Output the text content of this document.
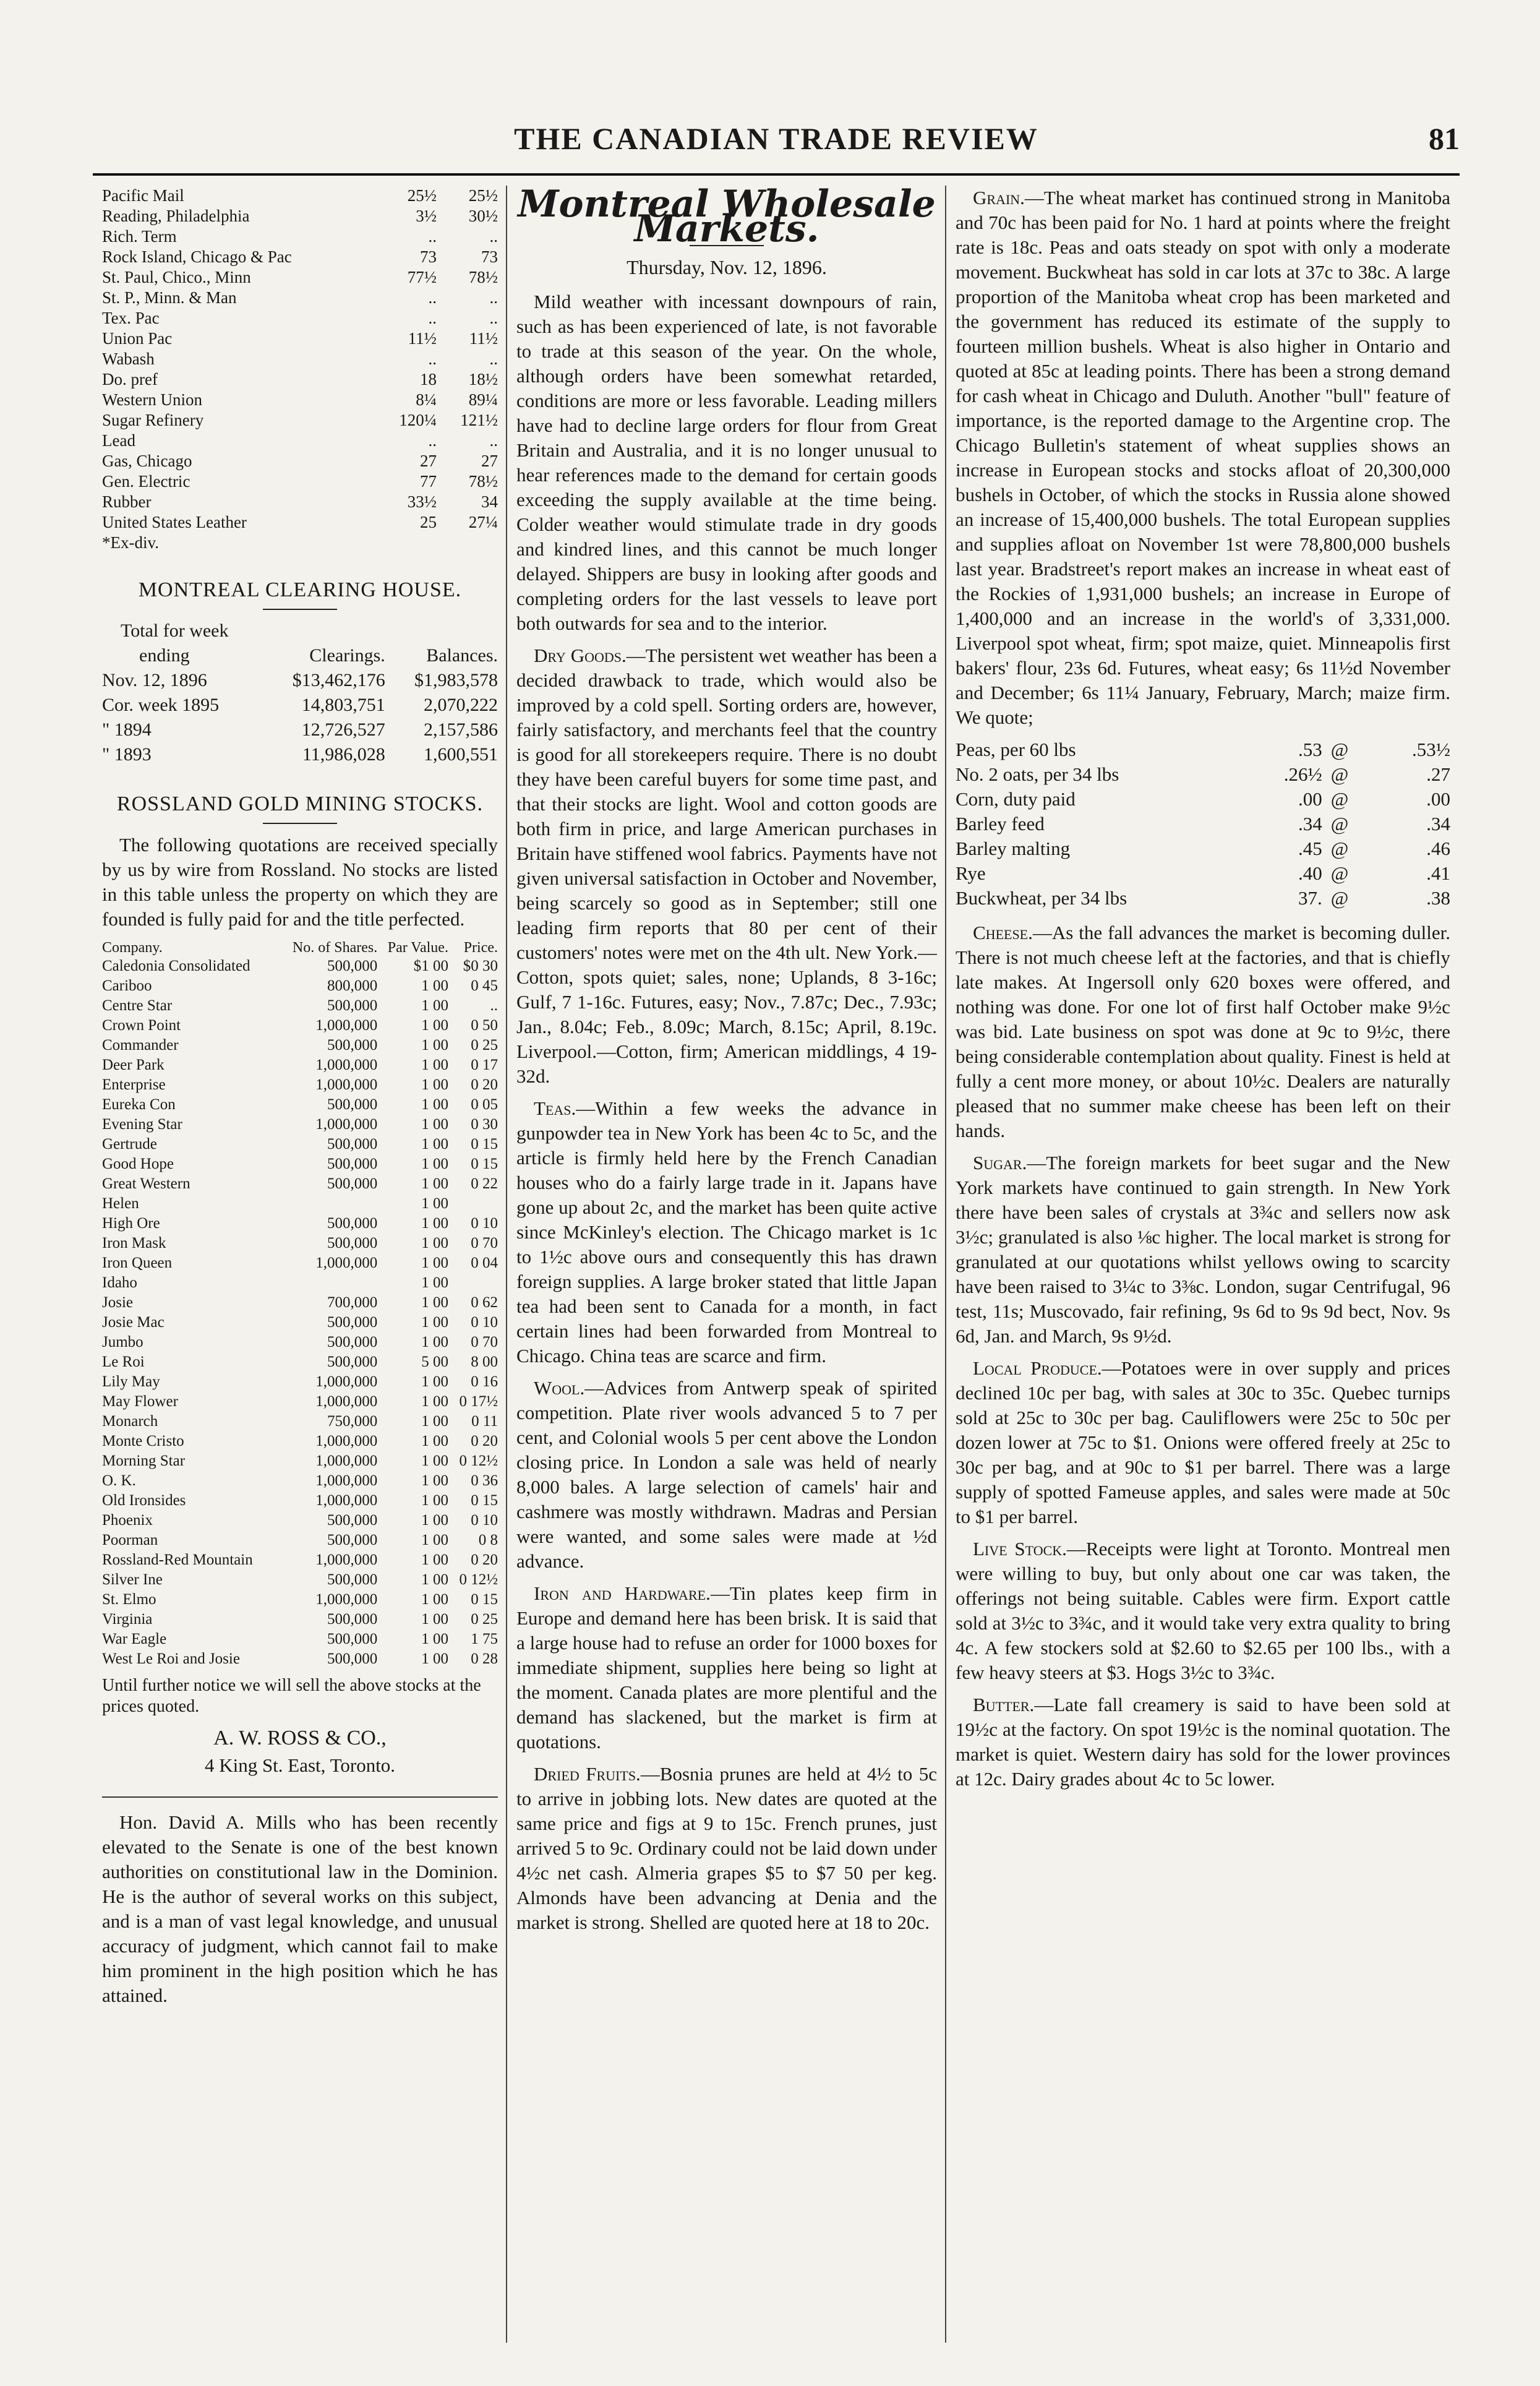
THE CANADIAN TRADE REVIEW	81
Pacific Mail	25½	25½
Reading, Philadelphia	3½	30½
Rich. Term	..	..
Rock Island, Chicago & Pac	73	73
St. Paul, Chico., Minn	77½	78½
St. P., Minn. & Man	..	..
Tex. Pac	..	..
Union Pac	11½	11½
Wabash	..	..
Do. pref	18	18½
Western Union	8¼	89¼
Sugar Refinery	120¼	121½
Lead	..	..
Gas, Chicago	27	27
Gen. Electric	77	78½
Rubber	33½	34
United States Leather	25	27¼
*Ex-div.		
MONTREAL CLEARING HOUSE.
Total for week		
ending	Clearings.	Balances.
Nov. 12, 1896	$13,462,176	$1,983,578
Cor. week 1895	14,803,751	2,070,222
" 1894	12,726,527	2,157,586
" 1893	11,986,028	1,600,551
ROSSLAND GOLD MINING STOCKS.

The following quotations are received specially by us by wire from Rossland. No stocks are listed in this table unless the property on which they are founded is fully paid for and the title perfected.

Company.	No. of Shares.	Par Value.	Price.
Caledonia Consolidated	500,000	$1 00	$0 30
Cariboo	800,000	1 00	0 45
Centre Star	500,000	1 00	..
Crown Point	1,000,000	1 00	0 50
Commander	500,000	1 00	0 25
Deer Park	1,000,000	1 00	0 17
Enterprise	1,000,000	1 00	0 20
Eureka Con	500,000	1 00	0 05
Evening Star	1,000,000	1 00	0 30
Gertrude	500,000	1 00	0 15
Good Hope	500,000	1 00	0 15
Great Western	500,000	1 00	0 22
Helen		1 00	
High Ore	500,000	1 00	0 10
Iron Mask	500,000	1 00	0 70
Iron Queen	1,000,000	1 00	0 04
Idaho		1 00	
Josie	700,000	1 00	0 62
Josie Mac	500,000	1 00	0 10
Jumbo	500,000	1 00	0 70
Le Roi	500,000	5 00	8 00
Lily May	1,000,000	1 00	0 16
May Flower	1,000,000	1 00	0 17½
Monarch	750,000	1 00	0 11
Monte Cristo	1,000,000	1 00	0 20
Morning Star	1,000,000	1 00	0 12½
O. K.	1,000,000	1 00	0 36
Old Ironsides	1,000,000	1 00	0 15
Phoenix	500,000	1 00	0 10
Poorman	500,000	1 00	0 8
Rossland-Red Mountain	1,000,000	1 00	0 20
Silver Ine	500,000	1 00	0 12½
St. Elmo	1,000,000	1 00	0 15
Virginia	500,000	1 00	0 25
War Eagle	500,000	1 00	1 75
West Le Roi and Josie	500,000	1 00	0 28
Until further notice we will sell the above stocks at the prices quoted.
A. W. ROSS & CO.,
4 King St. East, Toronto.

Hon. David A. Mills who has been recently elevated to the Senate is one of the best known authorities on constitutional law in the Dominion. He is the author of several works on this subject, and is a man of vast legal knowledge, and unusual accuracy of judgment, which cannot fail to make him prominent in the high position which he has attained.

Montreal Wholesale Markets.
Thursday, Nov. 12, 1896.

Mild weather with incessant downpours of rain, such as has been experienced of late, is not favorable to trade at this season of the year. On the whole, although orders have been somewhat retarded, conditions are more or less favorable. Leading millers have had to decline large orders for flour from Great Britain and Australia, and it is no longer unusual to hear references made to the demand for certain goods exceeding the supply available at the time being. Colder weather would stimulate trade in dry goods and kindred lines, and this cannot be much longer delayed. Shippers are busy in looking after goods and completing orders for the last vessels to leave port both outwards for sea and to the interior.

Dry Goods.—The persistent wet weather has been a decided drawback to trade, which would also be improved by a cold spell. Sorting orders are, however, fairly satisfactory, and merchants feel that the country is good for all storekeepers require. There is no doubt they have been careful buyers for some time past, and that their stocks are light. Wool and cotton goods are both firm in price, and large American purchases in Britain have stiffened wool fabrics. Payments have not given universal satisfaction in October and November, being scarcely so good as in September; still one leading firm reports that 80 per cent of their customers' notes were met on the 4th ult. New York.—Cotton, spots quiet; sales, none; Uplands, 8 3-16c; Gulf, 7 1-16c. Futures, easy; Nov., 7.87c; Dec., 7.93c; Jan., 8.04c; Feb., 8.09c; March, 8.15c; April, 8.19c. Liverpool.—Cotton, firm; American middlings, 4 19-32d.

Teas.—Within a few weeks the advance in gunpowder tea in New York has been 4c to 5c, and the article is firmly held here by the French Canadian houses who do a fairly large trade in it. Japans have gone up about 2c, and the market has been quite active since McKinley's election. The Chicago market is 1c to 1½c above ours and consequently this has drawn foreign supplies. A large broker stated that little Japan tea had been sent to Canada for a month, in fact certain lines had been forwarded from Montreal to Chicago. China teas are scarce and firm.

Wool.—Advices from Antwerp speak of spirited competition. Plate river wools advanced 5 to 7 per cent, and Colonial wools 5 per cent above the London closing price. In London a sale was held of nearly 8,000 bales. A large selection of camels' hair and cashmere was mostly withdrawn. Madras and Persian were wanted, and some sales were made at ½d advance.

Iron and Hardware.—Tin plates keep firm in Europe and demand here has been brisk. It is said that a large house had to refuse an order for 1000 boxes for immediate shipment, supplies here being so light at the moment. Canada plates are more plentiful and the demand has slackened, but the market is firm at quotations.

Dried Fruits.—Bosnia prunes are held at 4½ to 5c to arrive in jobbing lots. New dates are quoted at the same price and figs at 9 to 15c. French prunes, just arrived 5 to 9c. Ordinary could not be laid down under 4½c net cash. Almeria grapes $5 to $7 50 per keg. Almonds have been advancing at Denia and the market is strong. Shelled are quoted here at 18 to 20c.

Grain.—The wheat market has continued strong in Manitoba and 70c has been paid for No. 1 hard at points where the freight rate is 18c. Peas and oats steady on spot with only a moderate movement. Buckwheat has sold in car lots at 37c to 38c. A large proportion of the Manitoba wheat crop has been marketed and the government has reduced its estimate of the supply to fourteen million bushels. Wheat is also higher in Ontario and quoted at 85c at leading points. There has been a strong demand for cash wheat in Chicago and Duluth. Another "bull" feature of importance, is the reported damage to the Argentine crop. The Chicago Bulletin's statement of wheat supplies shows an increase in European stocks and stocks afloat of 20,300,000 bushels in October, of which the stocks in Russia alone showed an increase of 15,400,000 bushels. The total European supplies and supplies afloat on November 1st were 78,800,000 bushels last year. Bradstreet's report makes an increase in wheat east of the Rockies of 1,931,000 bushels; an increase in Europe of 1,400,000 and an increase in the world's of 3,331,000. Liverpool spot wheat, firm; spot maize, quiet. Minneapolis first bakers' flour, 23s 6d. Futures, wheat easy; 6s 11½d November and December; 6s 11¼ January, February, March; maize firm. We quote;

Peas, per 60 lbs	.53	@	.53½
No. 2 oats, per 34 lbs	.26½	@	.27
Corn, duty paid	.00	@	.00
Barley feed	.34	@	.34
Barley malting	.45	@	.46
Rye	.40	@	.41
Buckwheat, per 34 lbs	37.	@	.38

Cheese.—As the fall advances the market is becoming duller. There is not much cheese left at the factories, and that is chiefly late makes. At Ingersoll only 620 boxes were offered, and nothing was done. For one lot of first half October make 9½c was bid. Late business on spot was done at 9c to 9½c, there being considerable contemplation about quality. Finest is held at fully a cent more money, or about 10½c. Dealers are naturally pleased that no summer make cheese has been left on their hands.

Sugar.—The foreign markets for beet sugar and the New York markets have continued to gain strength. In New York there have been sales of crystals at 3¾c and sellers now ask 3½c; granulated is also ⅛c higher. The local market is strong for granulated at our quotations whilst yellows owing to scarcity have been raised to 3¼c to 3⅜c. London, sugar Centrifugal, 96 test, 11s; Muscovado, fair refining, 9s 6d to 9s 9d bect, Nov. 9s 6d, Jan. and March, 9s 9½d.

Local Produce.—Potatoes were in over supply and prices declined 10c per bag, with sales at 30c to 35c. Quebec turnips sold at 25c to 30c per bag. Cauliflowers were 25c to 50c per dozen lower at 75c to $1. Onions were offered freely at 25c to 30c per bag, and at 90c to $1 per barrel. There was a large supply of spotted Fameuse apples, and sales were made at 50c to $1 per barrel.

Live Stock.—Receipts were light at Toronto. Montreal men were willing to buy, but only about one car was taken, the offerings not being suitable. Cables were firm. Export cattle sold at 3½c to 3¾c, and it would take very extra quality to bring 4c. A few stockers sold at $2.60 to $2.65 per 100 lbs., with a few heavy steers at $3. Hogs 3½c to 3¾c.

Butter.—Late fall creamery is said to have been sold at 19½c at the factory. On spot 19½c is the nominal quotation. The market is quiet. Western dairy has sold for the lower provinces at 12c. Dairy grades about 4c to 5c lower.
